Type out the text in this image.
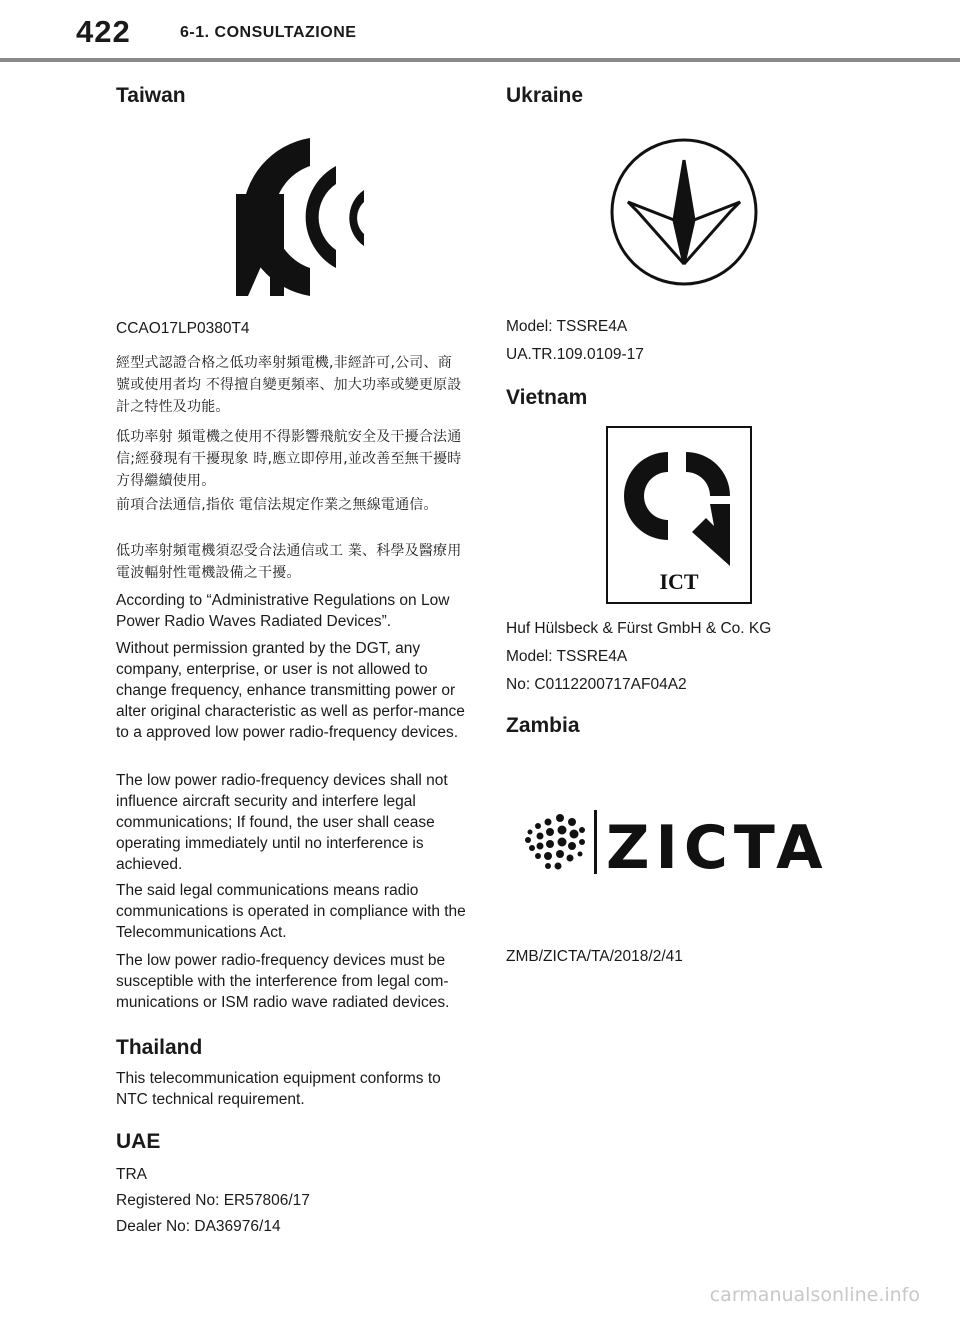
422	6-1. CONSULTAZIONE
Taiwan

CCAO17LP0380T4

經型式認證合格之低功率射頻電機,非經許可,公司、商號或使用者均 不得擅自變更頻率、加大功率或變更原設計之特性及功能。

低功率射 頻電機之使用不得影響飛航安全及干擾合法通信;經發現有干擾現象 時,應立即停用,並改善至無干擾時方得繼續使用。

前項合法通信,指依 電信法規定作業之無線電通信。

低功率射頻電機須忍受合法通信或工 業、科學及醫療用電波輻射性電機設備之干擾。

According to “Administrative Regulations on Low Power Radio Waves Radiated Devices”.

Without permission granted by the DGT, any company, enterprise, or user is not allowed to change frequency, enhance transmitting power or alter original characteristic as well as perfor-mance to a approved low power radio-frequency devices.

The low power radio-frequency devices shall not influence aircraft security and interfere legal communications; If found, the user shall cease operating immediately until no interference is achieved.

The said legal communications means radio communications is operated in compliance with the Telecommunications Act.

The low power radio-frequency devices must be susceptible with the interference from legal com-munications or ISM radio wave radiated devices.

Thailand

This telecommunication equipment conforms to NTC technical requirement.

UAE

TRA

Registered No: ER57806/17

Dealer No: DA36976/14

Ukraine

Model: TSSRE4A

UA.TR.109.0109-17

Vietnam
ICT

Huf Hülsbeck & Fürst GmbH & Co. KG

Model: TSSRE4A

No: C0112200717AF04A2

Zambia
ZICTA

ZMB/ZICTA/TA/2018/2/41

carmanualsonline.info
